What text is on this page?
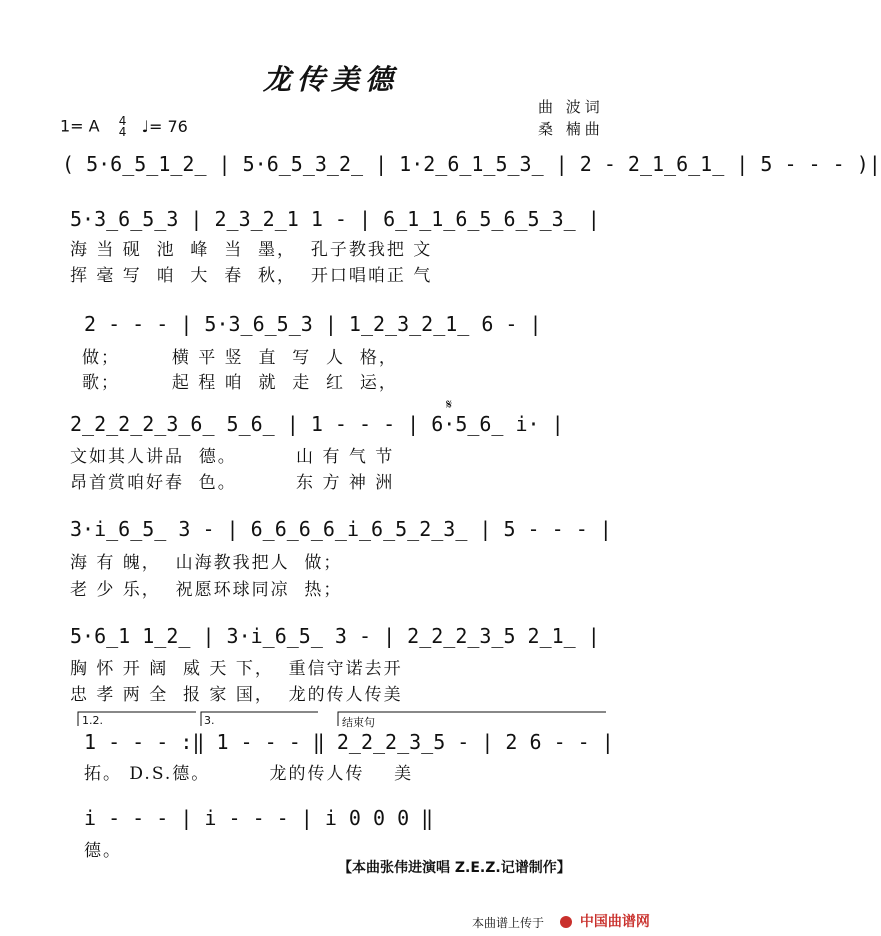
龙传美德
1= A 4
4 ♩= 76
曲 波词
桑 楠曲
( 5·6̲5̲1̲2̲ | 5·6̲5̲3̲2̲ | 1·2̲6̲1̲5̲3̲ | 2 - 2̲1̲6̲1̲ | 5 - - - )|
5·3̲6̲5̲3 | 2̲3̲2̲1 1 - | 6̲1̲1̲6̲5̲6̲5̲3̲ |
海 当 砚  池  峰  当  墨，  孔子教我把 文
挥 毫 写  咱  大  春  秋，  开口唱咱正 气
2 - - - | 5·3̲6̲5̲3 | 1̲2̲3̲2̲1̲ 6 - |
做；       横 平 竖  直  写  人  格，
歌；       起 程 咱  就  走  红  运，
𝄋
2̲2̲2̲2̲3̲6̲ 5̲6̲ | 1 - - - | 6·5̲6̲ i· |
文如其人讲品  德。        山 有 气 节
昂首赏咱好春  色。        东 方 神 洲
3·i̲6̲5̲ 3 - | 6̲6̲6̲6̲i̲6̲5̲2̲3̲ | 5 - - - |
海 有 魄，  山海教我把人  做；
老 少 乐，  祝愿环球同凉  热；
5·6̲1 1̲2̲ | 3·i̲6̲5̲ 3 - | 2̲2̲2̲3̲5 2̲1̲ |
胸 怀 开 阔  威 天 下，  重信守诺去开
忠 孝 两 全  报 家 国，  龙的传人传美
1.2.	3.	结束句
1 - - - :‖ 1 - - - ‖ 2̲2̲2̲3̲5 - | 2 6 - - |
拓。 D.S.德。        龙的传人传    美
i - - - | i - - - | i 0 0 0 ‖
德。
【本曲张伟进演唱 Z.E.Z.记谱制作】
本曲谱上传于	中国曲谱网
